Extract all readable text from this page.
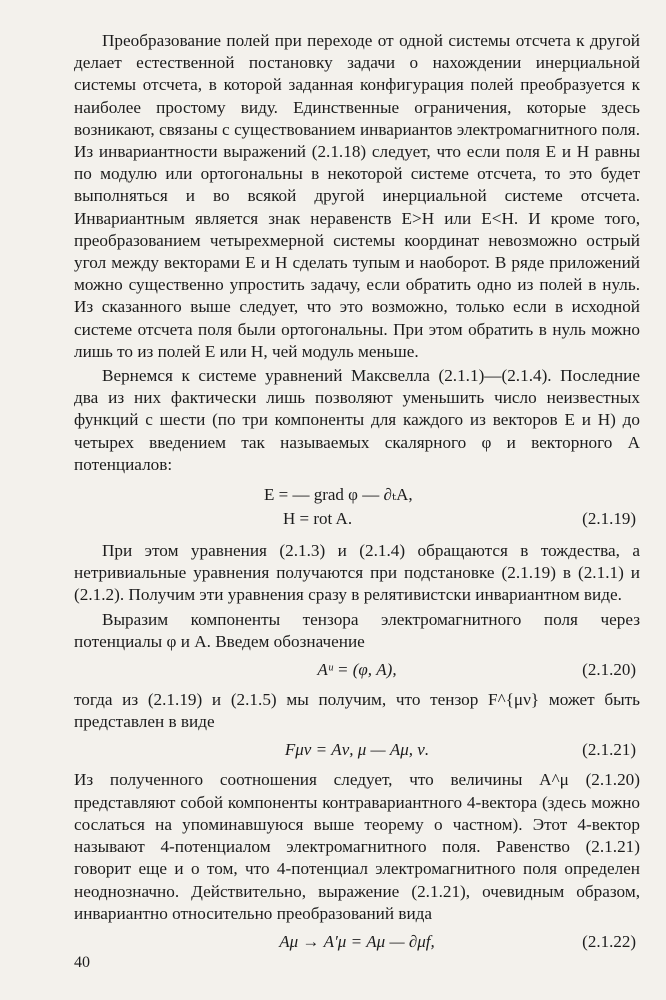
Преобразование полей при переходе от одной системы отсчета к другой делает естественной постановку задачи о нахождении инерциальной системы отсчета, в которой заданная конфигурация полей преобразуется к наиболее простому виду. Единственные ограничения, которые здесь возникают, связаны с существованием инвариантов электромагнитного поля. Из инвариантности выражений (2.1.18) следует, что если поля E и H равны по модулю или ортогональны в некоторой системе отсчета, то это будет выполняться и во всякой другой инерциальной системе отсчета. Инвариантным является знак неравенств E>H или E<H. И кроме того, преобразованием четырехмерной системы координат невозможно острый угол между векторами E и H сделать тупым и наоборот. В ряде приложений можно существенно упростить задачу, если обратить одно из полей в нуль. Из сказанного выше следует, что это возможно, только если в исходной системе отсчета поля были ортогональны. При этом обратить в нуль можно лишь то из полей E или H, чей модуль меньше.

Вернемся к системе уравнений Максвелла (2.1.1)—(2.1.4). Последние два из них фактически лишь позволяют уменьшить число неизвестных функций с шести (по три компоненты для каждого из векторов E и H) до четырех введением так называемых скалярного φ и векторного A потенциалов:

E = — grad φ — ∂ₜA,
H = rot A.	(2.1.19)

При этом уравнения (2.1.3) и (2.1.4) обращаются в тождества, а нетривиальные уравнения получаются при подстановке (2.1.19) в (2.1.1) и (2.1.2). Получим эти уравнения сразу в релятивистски инвариантном виде.

Выразим компоненты тензора электромагнитного поля через потенциалы φ и A. Введем обозначение

Aᵘ = (φ, A),	(2.1.20)

тогда из (2.1.19) и (2.1.5) мы получим, что тензор F^{μν} может быть представлен в виде

Fμν = Aν, μ — Aμ, ν.	(2.1.21)

Из полученного соотношения следует, что величины A^μ (2.1.20) представляют собой компоненты контравариантного 4-вектора (здесь можно сослаться на упоминавшуюся выше теорему о частном). Этот 4-вектор называют 4-потенциалом электромагнитного поля. Равенство (2.1.21) говорит еще и о том, что 4-потенциал электромагнитного поля определен неоднозначно. Действительно, выражение (2.1.21), очевидным образом, инвариантно относительно преобразований вида

Aμ → A′μ = Aμ — ∂μf,	(2.1.22)
40
